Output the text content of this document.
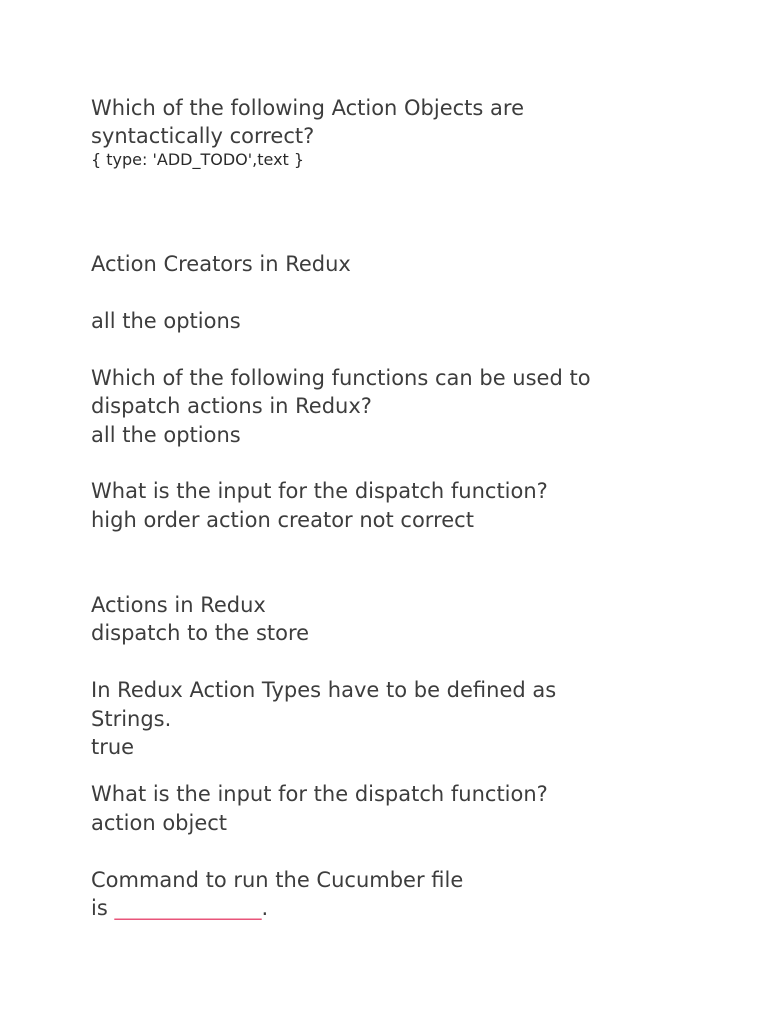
Which of the following Action Objects are
syntactically correct?
{ type: 'ADD_TODO',text }
Action Creators in Redux
all the options
Which of the following functions can be used to
dispatch actions in Redux?
all the options
What is the input for the dispatch function?
high order action creator not correct
Actions in Redux
dispatch to the store
In Redux Action Types have to be defined as
Strings.
true
What is the input for the dispatch function?
action object
Command to run the Cucumber file
is ______________.
